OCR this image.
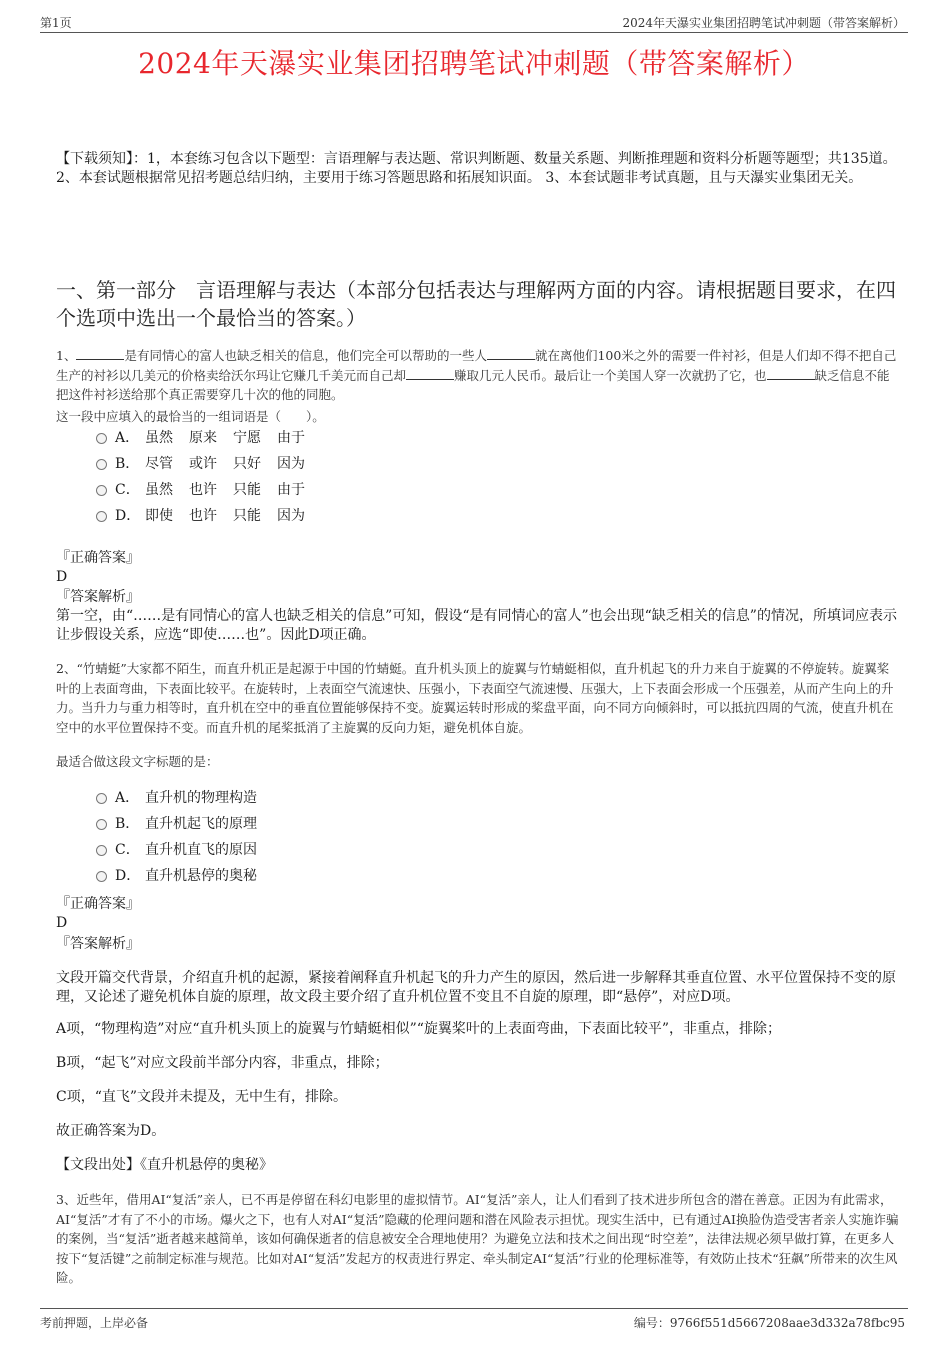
第1页	2024年天瀑实业集团招聘笔试冲刺题（带答案解析）
2024年天瀑实业集团招聘笔试冲刺题（带答案解析）
【下载须知】：1，本套练习包含以下题型：言语理解与表达题、常识判断题、数量关系题、判断推理题和资料分析题等题型；共135道。 2、本套试题根据常见招考题总结归纳，主要用于练习答题思路和拓展知识面。 3、本套试题非考试真题，且与天瀑实业集团无关。
一、第一部分　言语理解与表达（本部分包括表达与理解两方面的内容。请根据题目要求，在四个选项中选出一个最恰当的答案。）
1、	是有同情心的富人也缺乏相关的信息，他们完全可以帮助的一些人	就在离他们100米之外的需要一件衬衫，但是人们却不得不把自己生产的衬衫以几美元的价格卖给沃尔玛让它赚几千美元而自己却	赚取几元人民币。最后让一个美国人穿一次就扔了它，也	缺乏信息不能把这件衬衫送给那个真正需要穿几十次的他的同胞。
这一段中应填入的最恰当的一组词语是（　　）。
A． 虽然 原来 宁愿 由于
B． 尽管 或许 只好 因为
C． 虽然 也许 只能 由于
D． 即使 也许 只能 因为
『正确答案』
D
『答案解析』
第一空，由“……是有同情心的富人也缺乏相关的信息”可知，假设“是有同情心的富人”也会出现“缺乏相关的信息”的情况，所填词应表示让步假设关系，应选“即使……也”。因此D项正确。
2、“竹蜻蜓”大家都不陌生，而直升机正是起源于中国的竹蜻蜓。直升机头顶上的旋翼与竹蜻蜓相似，直升机起飞的升力来自于旋翼的不停旋转。旋翼桨叶的上表面弯曲，下表面比较平。在旋转时，上表面空气流速快、压强小，下表面空气流速慢、压强大，上下表面会形成一个压强差，从而产生向上的升力。当升力与重力相等时，直升机在空中的垂直位置能够保持不变。旋翼运转时形成的桨盘平面，向不同方向倾斜时，可以抵抗四周的气流，使直升机在空中的水平位置保持不变。而直升机的尾桨抵消了主旋翼的反向力矩，避免机体自旋。
最适合做这段文字标题的是：
A． 直升机的物理构造
B． 直升机起飞的原理
C． 直升机直飞的原因
D． 直升机悬停的奥秘
『正确答案』
D
『答案解析』
文段开篇交代背景，介绍直升机的起源，紧接着阐释直升机起飞的升力产生的原因，然后进一步解释其垂直位置、水平位置保持不变的原理，又论述了避免机体自旋的原理，故文段主要介绍了直升机位置不变且不自旋的原理，即“悬停”，对应D项。
A项，“物理构造”对应“直升机头顶上的旋翼与竹蜻蜓相似”“旋翼桨叶的上表面弯曲，下表面比较平”，非重点，排除；
B项，“起飞”对应文段前半部分内容，非重点，排除；
C项，“直飞”文段并未提及，无中生有，排除。
故正确答案为D。
【文段出处】《直升机悬停的奥秘》
3、近些年，借用AI“复活”亲人，已不再是停留在科幻电影里的虚拟情节。AI“复活”亲人，让人们看到了技术进步所包含的潜在善意。正因为有此需求，AI“复活”才有了不小的市场。爆火之下，也有人对AI“复活”隐藏的伦理问题和潜在风险表示担忧。现实生活中，已有通过AI换脸伪造受害者亲人实施诈骗的案例，当“复活”逝者越来越简单，该如何确保逝者的信息被安全合理地使用？为避免立法和技术之间出现“时空差”，法律法规必须早做打算，在更多人按下“复活键”之前制定标准与规范。比如对AI“复活”发起方的权责进行界定、牵头制定AI“复活”行业的伦理标准等，有效防止技术“狂飙”所带来的次生风险。
考前押题，上岸必备	编号：9766f551d5667208aae3d332a78fbc95
